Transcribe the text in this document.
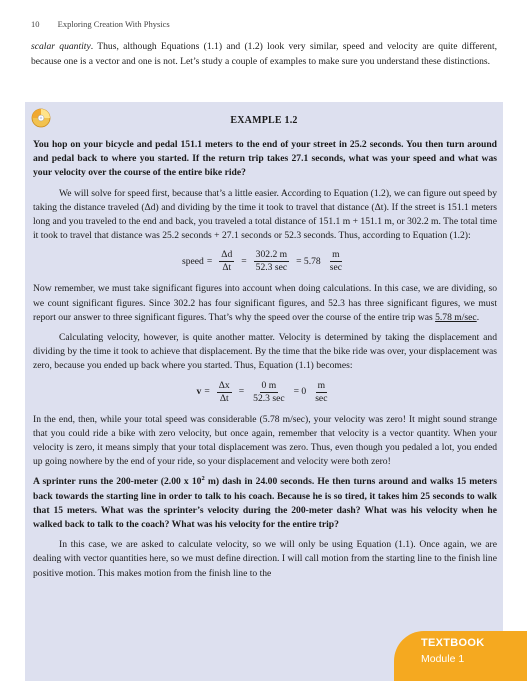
10 Exploring Creation With Physics
scalar quantity. Thus, although Equations (1.1) and (1.2) look very similar, speed and velocity are quite different, because one is a vector and one is not. Let’s study a couple of examples to make sure you understand these distinctions.
EXAMPLE 1.2

You hop on your bicycle and pedal 151.1 meters to the end of your street in 25.2 seconds. You then turn around and pedal back to where you started. If the return trip takes 27.1 seconds, what was your speed and what was your velocity over the course of the entire bike ride?

We will solve for speed first, because that’s a little easier. According to Equation (1.2), we can figure out speed by taking the distance traveled (Δd) and dividing by the time it took to travel that distance (Δt). If the street is 151.1 meters long and you traveled to the end and back, you traveled a total distance of 151.1 m + 151.1 m, or 302.2 m. The total time it took to travel that distance was 25.2 seconds + 27.1 seconds or 52.3 seconds. Thus, according to Equation (1.2):

speed = $\frac{\Delta d}{\Delta t} = \frac{302.2 m}{52.3 \sec} = 5.78 \frac{m}{\sec}$

Now remember, we must take significant figures into account when doing calculations. In this case, we are dividing, so we count significant figures. Since 302.2 has four significant figures, and 52.3 has three significant figures, we must report our answer to three significant figures. That’s why the speed over the course of the entire trip was 5.78 m/sec.

Calculating velocity, however, is quite another matter. Velocity is determined by taking the displacement and dividing by the time it took to achieve that displacement. By the time that the bike ride was over, your displacement was zero, because you ended up back where you started. Thus, Equation (1.1) becomes:

$v = \frac{\Delta x}{\Delta t} = \frac{0 m}{52.3 \sec} = 0 \frac{m}{\sec}$

In the end, then, while your total speed was considerable (5.78 m/sec), your velocity was zero! It might sound strange that you could ride a bike with zero velocity, but once again, remember that velocity is a vector quantity. When your velocity is zero, it means simply that your total displacement was zero. Thus, even though you pedaled a lot, you ended up going nowhere by the end of your ride, so your displacement and velocity were both zero!

A sprinter runs the 200-meter (2.00 x $10^2$ m) dash in 24.00 seconds. He then turns around and walks 15 meters back towards the starting line in order to talk to his coach. Because he is so tired, it takes him 25 seconds to walk that 15 meters. What was the sprinter’s velocity during the 200-meter dash? What was his velocity when he walked back to talk to the coach? What was his velocity for the entire trip?

In this case, we are asked to calculate velocity, so we will only be using Equation (1.1). Once again, we are dealing with vector quantities here, so we must define direction. I will call motion from the starting line to the finish line positive motion. This makes motion from the finish line to the

TEXTBOOK
Module 1
